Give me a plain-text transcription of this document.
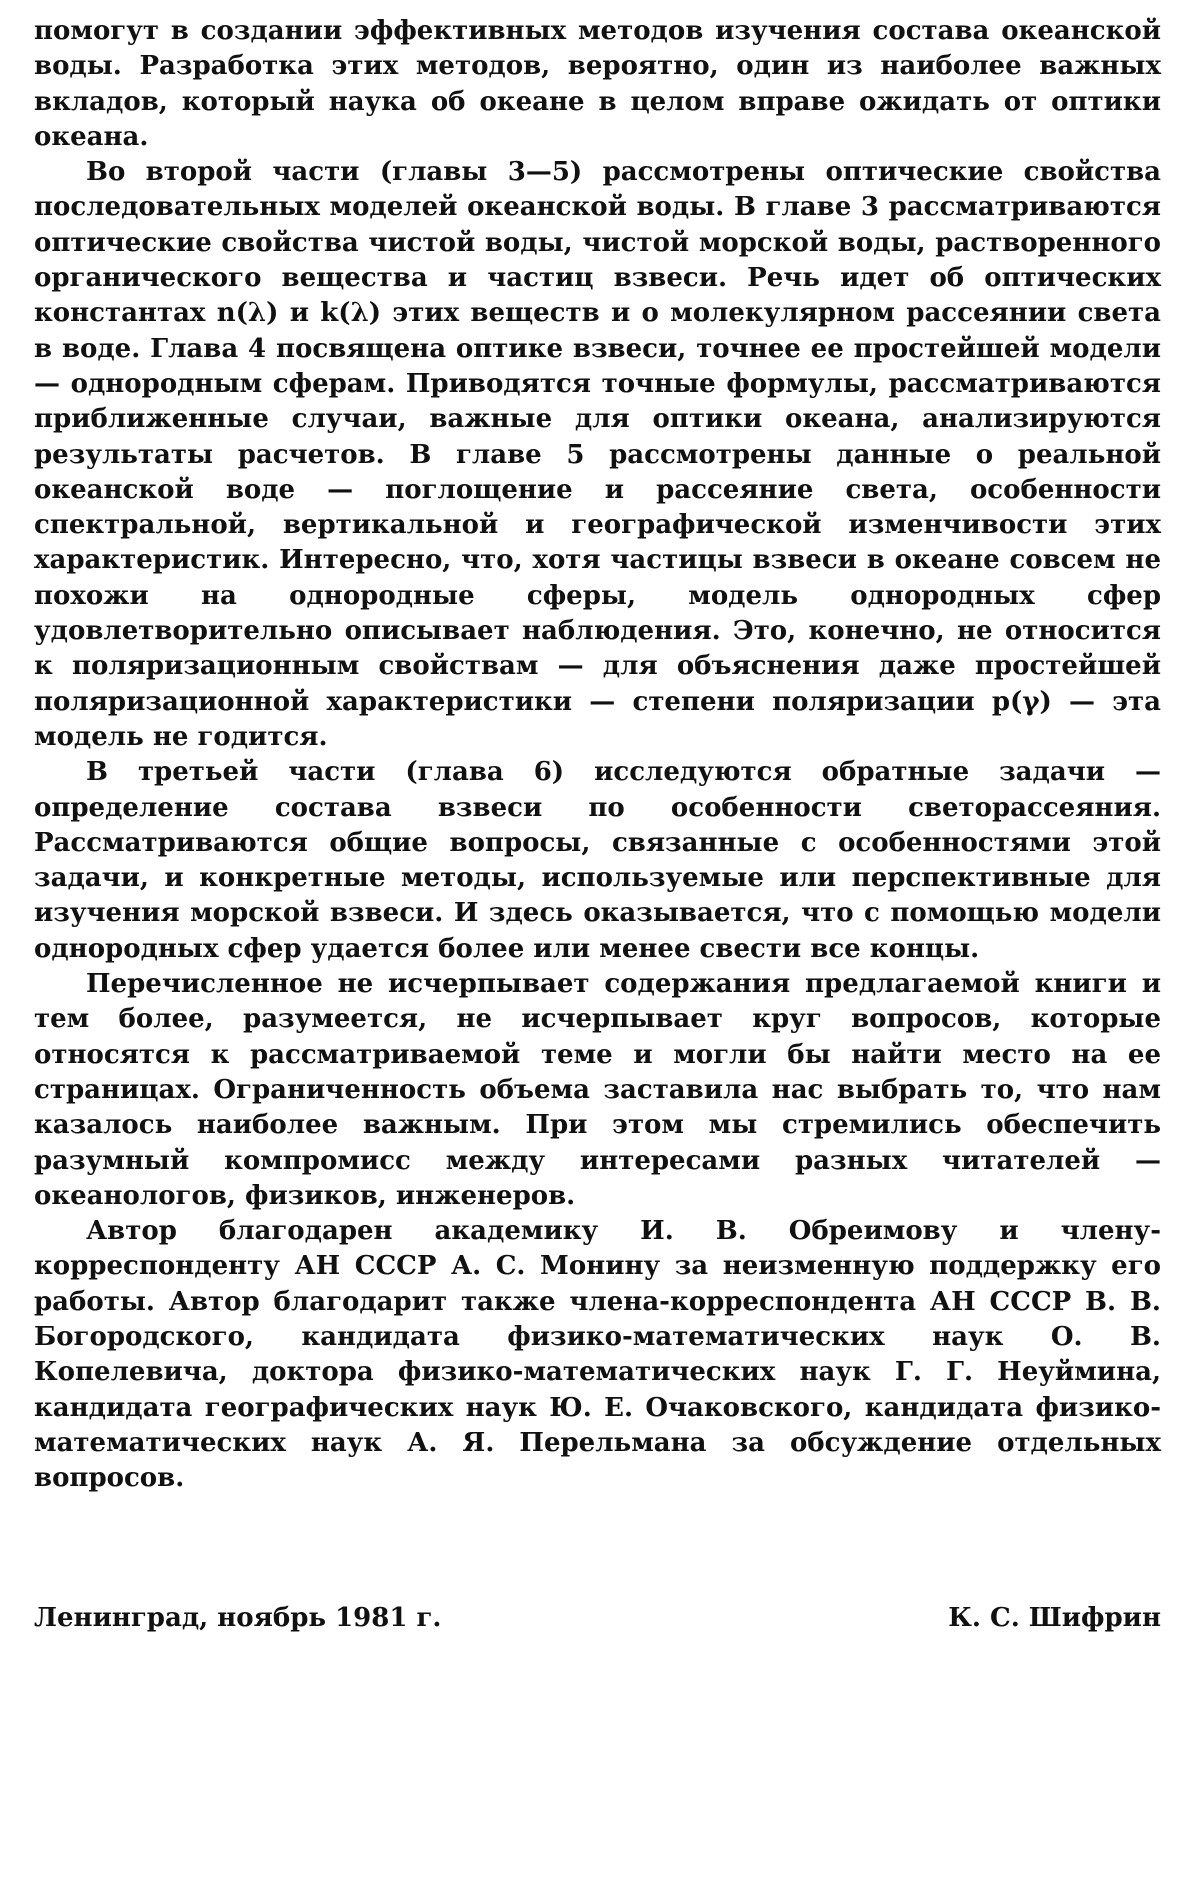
помогут в создании эффективных методов изучения состава океанской воды. Разработка этих методов, вероятно, один из наиболее важных вкладов, который наука об океане в целом вправе ожидать от оптики океана.

Во второй части (главы 3—5) рассмотрены оптические свойства последовательных моделей океанской воды. В главе 3 рассматриваются оптические свойства чистой воды, чистой морской воды, растворенного органического вещества и частиц взвеси. Речь идет об оптических константах n(λ) и k(λ) этих веществ и о молекулярном рассеянии света в воде. Глава 4 посвящена оптике взвеси, точнее ее простейшей модели — однородным сферам. Приводятся точные формулы, рассматриваются приближенные случаи, важные для оптики океана, анализируются результаты расчетов. В главе 5 рассмотрены данные о реальной океанской воде — поглощение и рассеяние света, особенности спектральной, вертикальной и географической изменчивости этих характеристик. Интересно, что, хотя частицы взвеси в океане совсем не похожи на однородные сферы, модель однородных сфер удовлетворительно описывает наблюдения. Это, конечно, не относится к поляризационным свойствам — для объяснения даже простейшей поляризационной характеристики — степени поляризации p(γ) — эта модель не годится.

В третьей части (глава 6) исследуются обратные задачи — определение состава взвеси по особенности светорассеяния. Рассматриваются общие вопросы, связанные с особенностями этой задачи, и конкретные методы, используемые или перспективные для изучения морской взвеси. И здесь оказывается, что с помощью модели однородных сфер удается более или менее свести все концы.

Перечисленное не исчерпывает содержания предлагаемой книги и тем более, разумеется, не исчерпывает круг вопросов, которые относятся к рассматриваемой теме и могли бы найти место на ее страницах. Ограниченность объема заставила нас выбрать то, что нам казалось наиболее важным. При этом мы стремились обеспечить разумный компромисс между интересами разных читателей — океанологов, физиков, инженеров.

Автор благодарен академику И. В. Обреимову и члену-корреспонденту АН СССР А. С. Монину за неизменную поддержку его работы. Автор благодарит также члена-корреспондента АН СССР В. В. Богородского, кандидата физико-математических наук О. В. Копелевича, доктора физико-математических наук Г. Г. Неуймина, кандидата географических наук Ю. Е. Очаковского, кандидата физико-математических наук А. Я. Перельмана за обсуждение отдельных вопросов.

Ленинград, ноябрь 1981 г.	К. С. Шифрин
